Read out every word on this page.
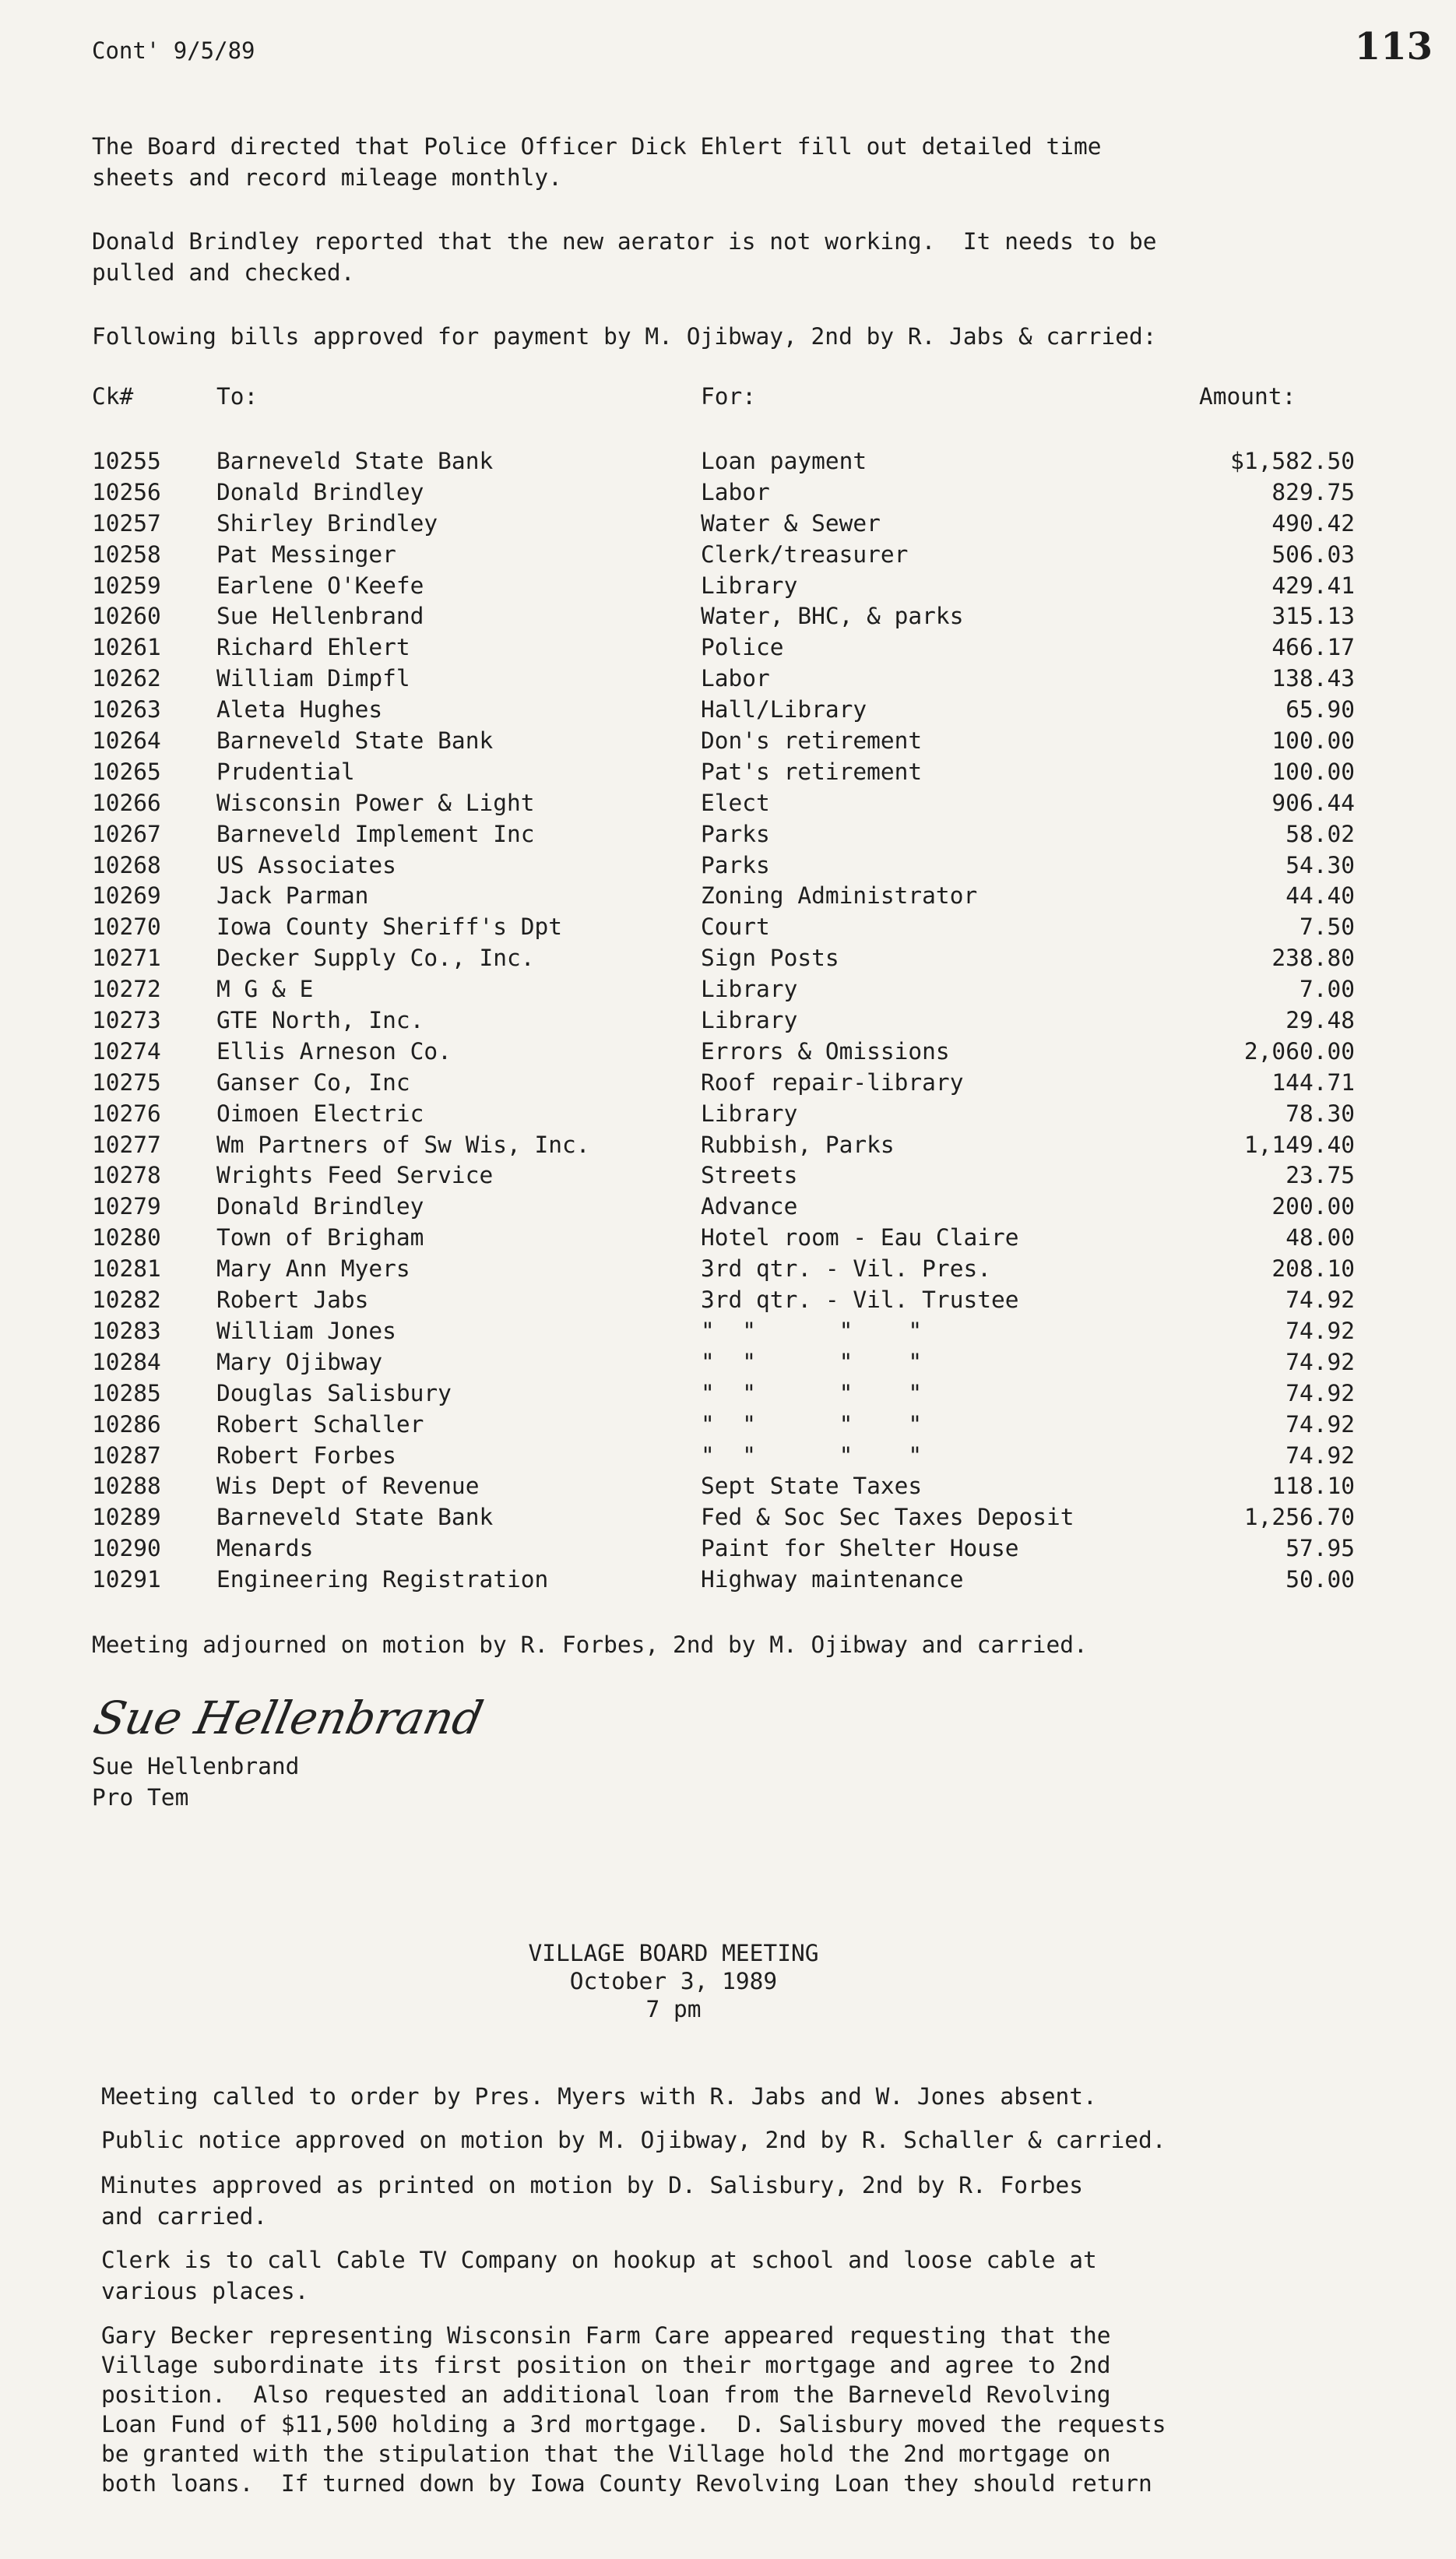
Cont' 9/5/89	113
The Board directed that Police Officer Dick Ehlert fill out detailed time
sheets and record mileage monthly.
Donald Brindley reported that the new aerator is not working.  It needs to be
pulled and checked.
Following bills approved for payment by M. Ojibway, 2nd by R. Jabs & carried:
Ck#	To:	For:	Amount:
10255 Barneveld State Bank	Loan payment	$1,582.50
10256 Donald Brindley	Labor	829.75
10257 Shirley Brindley	Water & Sewer	490.42
10258 Pat Messinger	Clerk/treasurer	506.03
10259 Earlene O'Keefe	Library	429.41
10260 Sue Hellenbrand	Water, BHC, & parks	315.13
10261 Richard Ehlert	Police	466.17
10262 William Dimpfl	Labor	138.43
10263 Aleta Hughes	Hall/Library	65.90
10264 Barneveld State Bank	Don's retirement	100.00
10265 Prudential	Pat's retirement	100.00
10266 Wisconsin Power & Light	Elect	906.44
10267 Barneveld Implement Inc	Parks	58.02
10268 US Associates	Parks	54.30
10269 Jack Parman	Zoning Administrator	44.40
10270 Iowa County Sheriff's Dpt	Court	7.50
10271 Decker Supply Co., Inc.	Sign Posts	238.80
10272 M G & E	Library	7.00
10273 GTE North, Inc.	Library	29.48
10274 Ellis Arneson Co.	Errors & Omissions	2,060.00
10275 Ganser Co, Inc	Roof repair-library	144.71
10276 Oimoen Electric	Library	78.30
10277 Wm Partners of Sw Wis, Inc.	Rubbish, Parks	1,149.40
10278 Wrights Feed Service	Streets	23.75
10279 Donald Brindley	Advance	200.00
10280 Town of Brigham	Hotel room - Eau Claire	48.00
10281 Mary Ann Myers	3rd qtr. - Vil. Pres.	208.10
10282 Robert Jabs	3rd qtr. - Vil. Trustee	74.92
10283 William Jones	"  "      "    "	74.92
10284 Mary Ojibway	"  "      "    "	74.92
10285 Douglas Salisbury	"  "      "    "	74.92
10286 Robert Schaller	"  "      "    "	74.92
10287 Robert Forbes	"  "      "    "	74.92
10288 Wis Dept of Revenue	Sept State Taxes	118.10
10289 Barneveld State Bank	Fed & Soc Sec Taxes Deposit	1,256.70
10290 Menards	Paint for Shelter House	57.95
10291 Engineering Registration	Highway maintenance	50.00
Meeting adjourned on motion by R. Forbes, 2nd by M. Ojibway and carried.
Sue Hellenbrand
Sue Hellenbrand
Pro Tem
VILLAGE BOARD MEETING
October 3, 1989
7 pm
Meeting called to order by Pres. Myers with R. Jabs and W. Jones absent.
Public notice approved on motion by M. Ojibway, 2nd by R. Schaller & carried.
Minutes approved as printed on motion by D. Salisbury, 2nd by R. Forbes
and carried.
Clerk is to call Cable TV Company on hookup at school and loose cable at
various places.
Gary Becker representing Wisconsin Farm Care appeared requesting that the
Village subordinate its first position on their mortgage and agree to 2nd
position.  Also requested an additional loan from the Barneveld Revolving
Loan Fund of $11,500 holding a 3rd mortgage.  D. Salisbury moved the requests
be granted with the stipulation that the Village hold the 2nd mortgage on
both loans.  If turned down by Iowa County Revolving Loan they should return
